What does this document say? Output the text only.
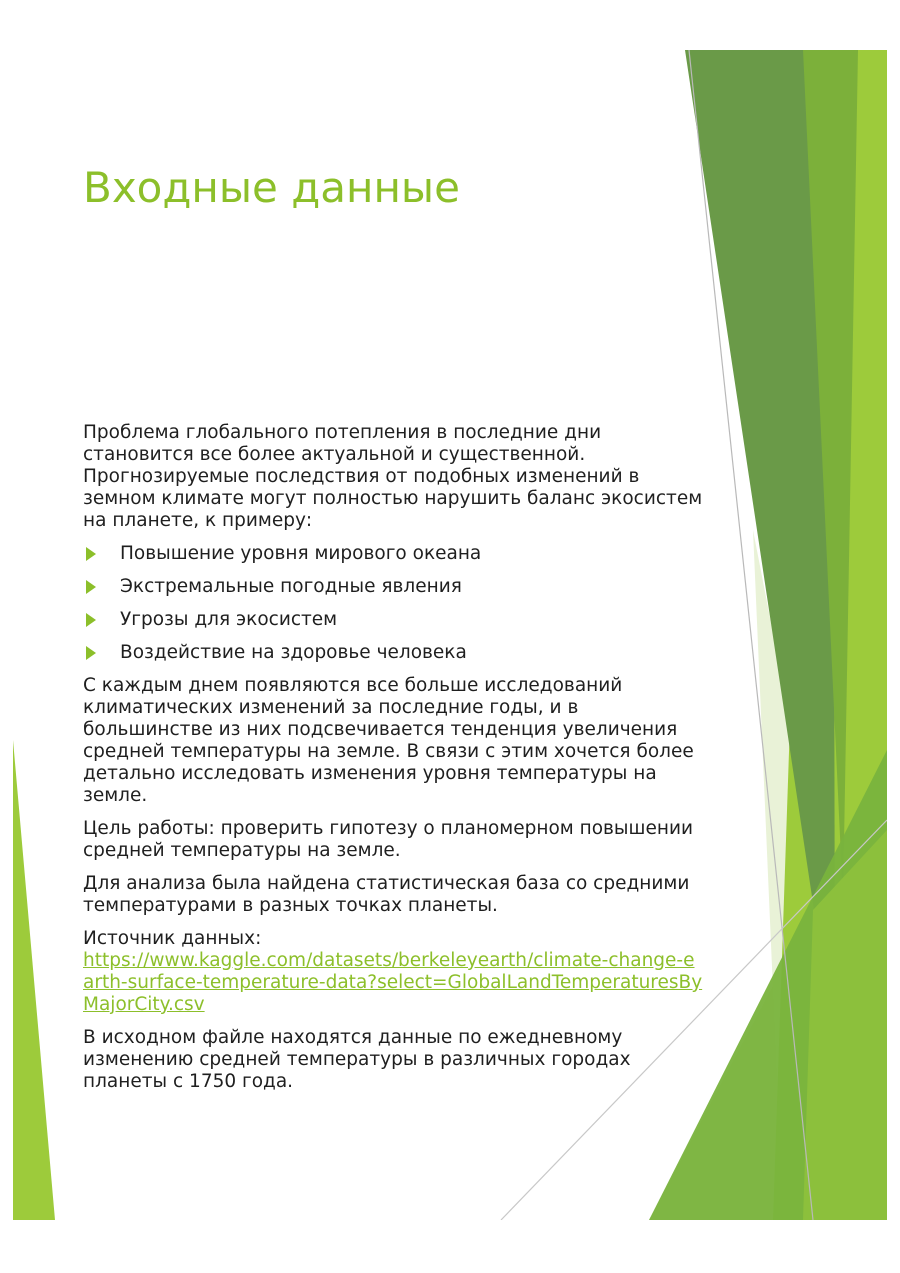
Входные данные

Проблема глобального потепления в последние дни становится все более актуальной и существенной. Прогнозируемые последствия от подобных изменений в земном климате могут полностью нарушить баланс экосистем на планете, к примеру:

Повышение уровня мирового океана
Экстремальные погодные явления
Угрозы для экосистем
Воздействие на здоровье человека

С каждым днем появляются все больше исследований климатических изменений за последние годы, и в большинстве из них подсвечивается тенденция увеличения средней температуры на земле. В связи с этим хочется более детально исследовать изменения уровня температуры на земле.

Цель работы: проверить гипотезу о планомерном повышении средней температуры на земле.

Для анализа была найдена статистическая база со средними температурами в разных точках планеты.

Источник данных:
https://www.kaggle.com/datasets/berkeleyearth/climate-change-earth-surface-temperature-data?select=GlobalLandTemperaturesByMajorCity.csv

В исходном файле находятся данные по ежедневному изменению средней температуры в различных городах планеты с 1750 года.
